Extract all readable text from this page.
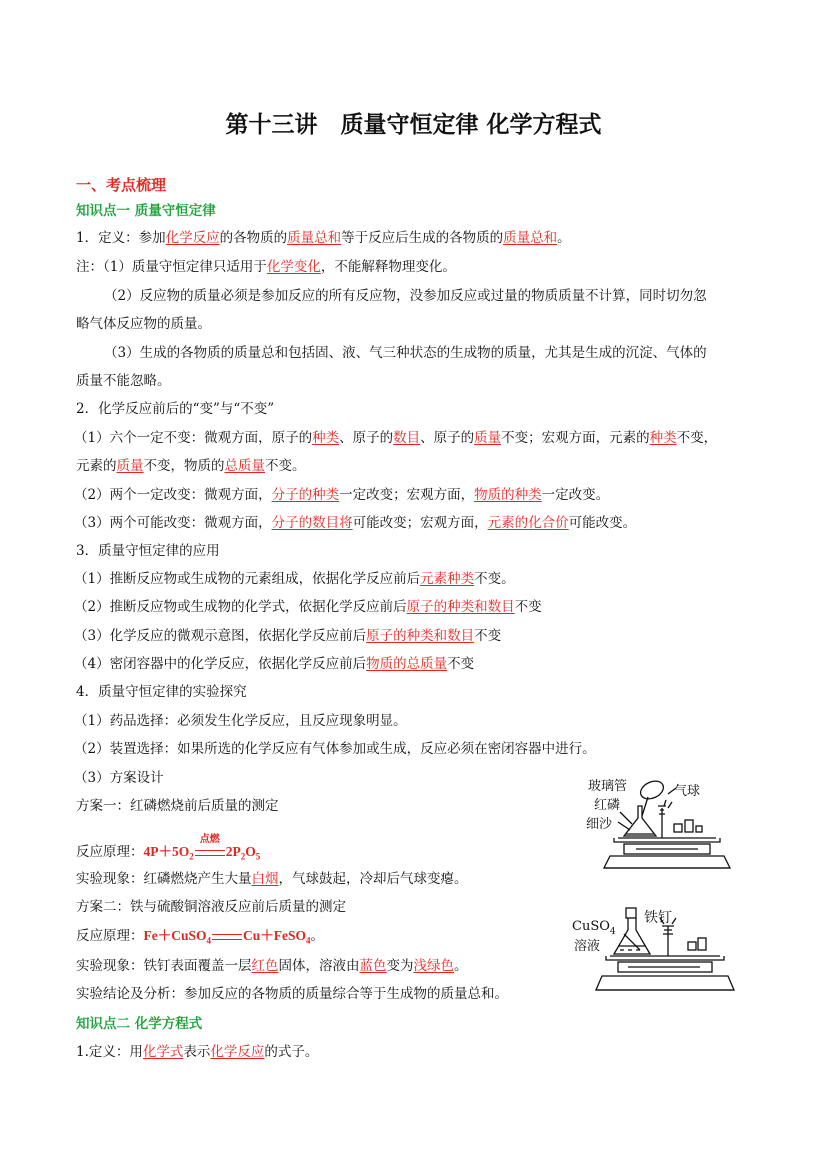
第十三讲　质量守恒定律 化学方程式
一、考点梳理
知识点一 质量守恒定律
1．定义：参加化学反应的各物质的质量总和等于反应后生成的各物质的质量总和。
注：（1）质量守恒定律只适用于化学变化，不能解释物理变化。
（2）反应物的质量必须是参加反应的所有反应物，没参加反应或过量的物质质量不计算，同时切勿忽
略气体反应物的质量。
（3）生成的各物质的质量总和包括固、液、气三种状态的生成物的质量，尤其是生成的沉淀、气体的
质量不能忽略。
2．化学反应前后的“变”与“不变”
（1）六个一定不变：微观方面，原子的种类、原子的数目、原子的质量不变；宏观方面，元素的种类不变，
元素的质量不变，物质的总质量不变。
（2）两个一定改变：微观方面，分子的种类一定改变；宏观方面，物质的种类一定改变。
（3）两个可能改变：微观方面，分子的数目将可能改变；宏观方面，元素的化合价可能改变。
3．质量守恒定律的应用
（1）推断反应物或生成物的元素组成，依据化学反应前后元素种类不变。
（2）推断反应物或生成物的化学式，依据化学反应前后原子的种类和数目不变
（3）化学反应的微观示意图，依据化学反应前后原子的种类和数目不变
（4）密闭容器中的化学反应，依据化学反应前后物质的总质量不变
4．质量守恒定律的实验探究
（1）药品选择：必须发生化学反应，且反应现象明显。
（2）装置选择：如果所选的化学反应有气体参加或生成，反应必须在密闭容器中进行。
（3）方案设计
方案一：红磷燃烧前后质量的测定
反应原理：$4P+5O_2$
点燃
$2P_2O_5$
实验现象：红磷燃烧产生大量白烟，气球鼓起，冷却后气球变瘪。
方案二：铁与硫酸铜溶液反应前后质量的测定
反应原理：Fe＋CuSO$_4$ Cu＋FeSO$_4$。
实验现象：铁钉表面覆盖一层红色固体，溶液由蓝色变为浅绿色。
实验结论及分析：参加反应的各物质的质量综合等于生成物的质量总和。
知识点二 化学方程式
1.定义：用化学式表示化学反应的式子。
玻璃管
红磷
细沙
气球
CuSO$_4$
溶液
铁钉
